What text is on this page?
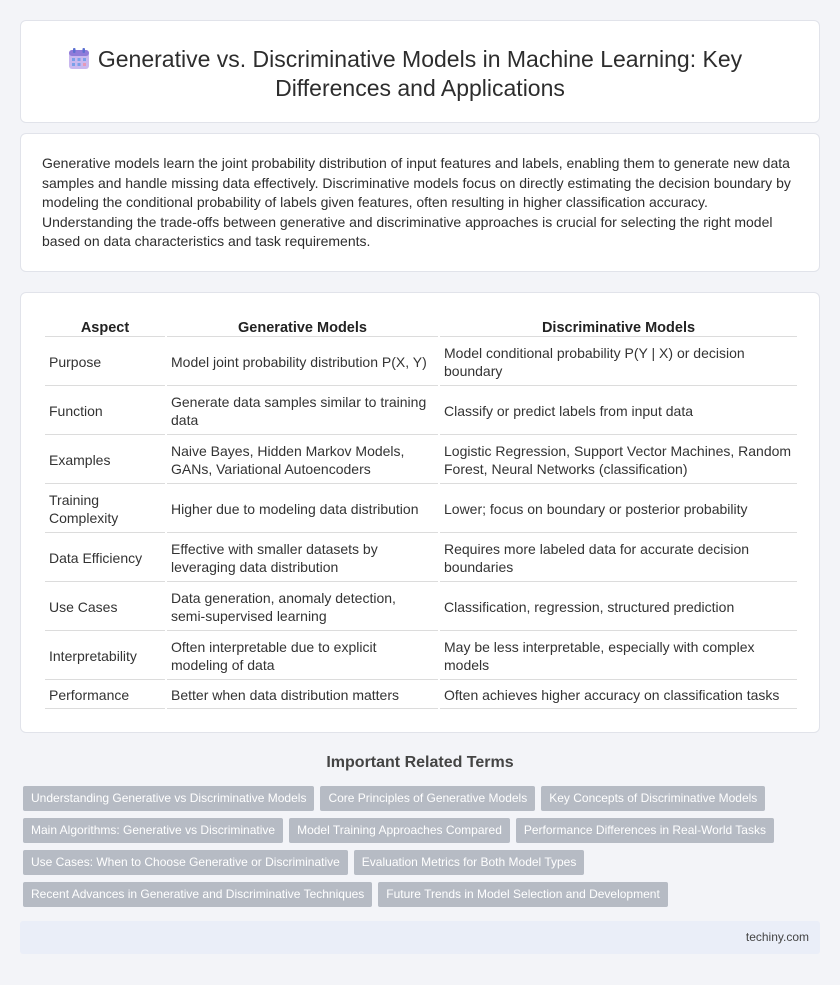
Generative vs. Discriminative Models in Machine Learning: Key Differences and Applications

Generative models learn the joint probability distribution of input features and labels, enabling them to generate new data samples and handle missing data effectively. Discriminative models focus on directly estimating the decision boundary by modeling the conditional probability of labels given features, often resulting in higher classification accuracy. Understanding the trade-offs between generative and discriminative approaches is crucial for selecting the right model based on data characteristics and task requirements.

Aspect	Generative Models	Discriminative Models
Purpose	Model joint probability distribution P(X, Y)	Model conditional probability P(Y | X) or decision boundary
Function	Generate data samples similar to training data	Classify or predict labels from input data
Examples	Naive Bayes, Hidden Markov Models, GANs, Variational Autoencoders	Logistic Regression, Support Vector Machines, Random Forest, Neural Networks (classification)
Training Complexity	Higher due to modeling data distribution	Lower; focus on boundary or posterior probability
Data Efficiency	Effective with smaller datasets by leveraging data distribution	Requires more labeled data for accurate decision boundaries
Use Cases	Data generation, anomaly detection, semi-supervised learning	Classification, regression, structured prediction
Interpretability	Often interpretable due to explicit modeling of data	May be less interpretable, especially with complex models
Performance	Better when data distribution matters	Often achieves higher accuracy on classification tasks
Important Related Terms
Understanding Generative vs Discriminative Models Core Principles of Generative Models Key Concepts of Discriminative Models
Main Algorithms: Generative vs Discriminative Model Training Approaches Compared Performance Differences in Real-World Tasks
Use Cases: When to Choose Generative or Discriminative Evaluation Metrics for Both Model Types
Recent Advances in Generative and Discriminative Techniques Future Trends in Model Selection and Development
techiny.com
